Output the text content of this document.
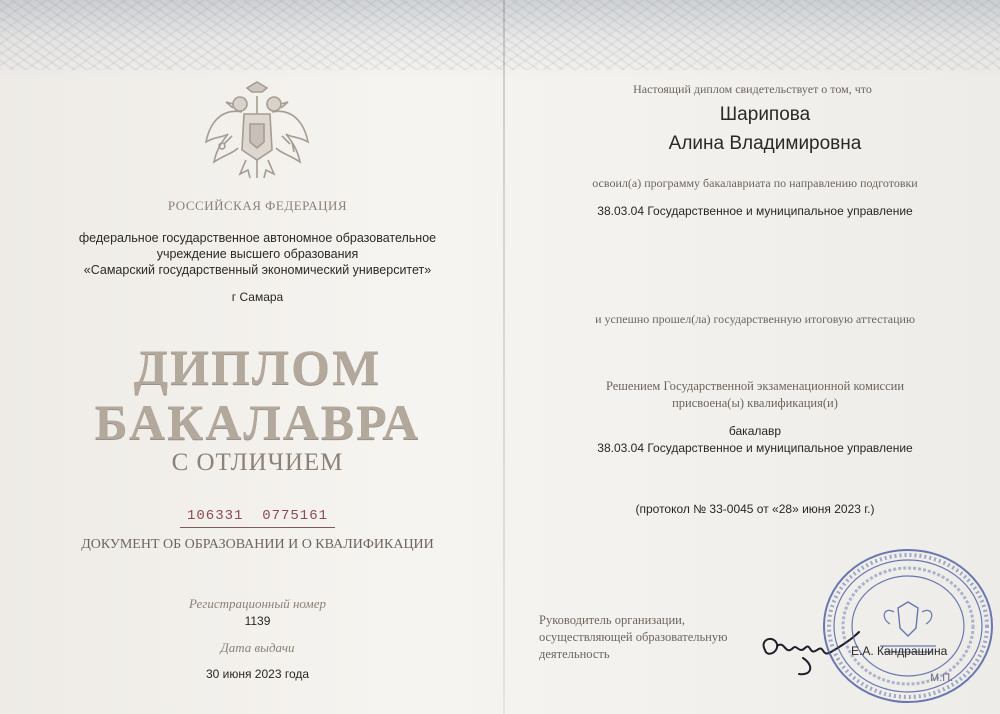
РОССИЙСКАЯ ФЕДЕРАЦИЯ
федеральное государственное автономное образовательное
учреждение высшего образования
«Самарский государственный экономический университет»
г Самара
ДИПЛОМ
БАКАЛАВРА
С ОТЛИЧИЕМ
106331  0775161
ДОКУМЕНТ ОБ ОБРАЗОВАНИИ И О КВАЛИФИКАЦИИ
Регистрационный номер
1139
Дата выдачи
30 июня 2023 года
Настоящий диплом свидетельствует о том, что
Шарипова
Алина Владимировна
освоил(а) программу бакалавриата по направлению подготовки
38.03.04 Государственное и муниципальное управление
и успешно прошел(ла) государственную итоговую аттестацию
Решением Государственной экзаменационной комиссии
присвоена(ы) квалификация(и)
бакалавр
38.03.04 Государственное и муниципальное управление
(протокол № 33-0045 от «28» июня 2023 г.)
Руководитель организации,
осуществляющей образовательную
деятельность	Е.А. Кандрашина
М.П.
